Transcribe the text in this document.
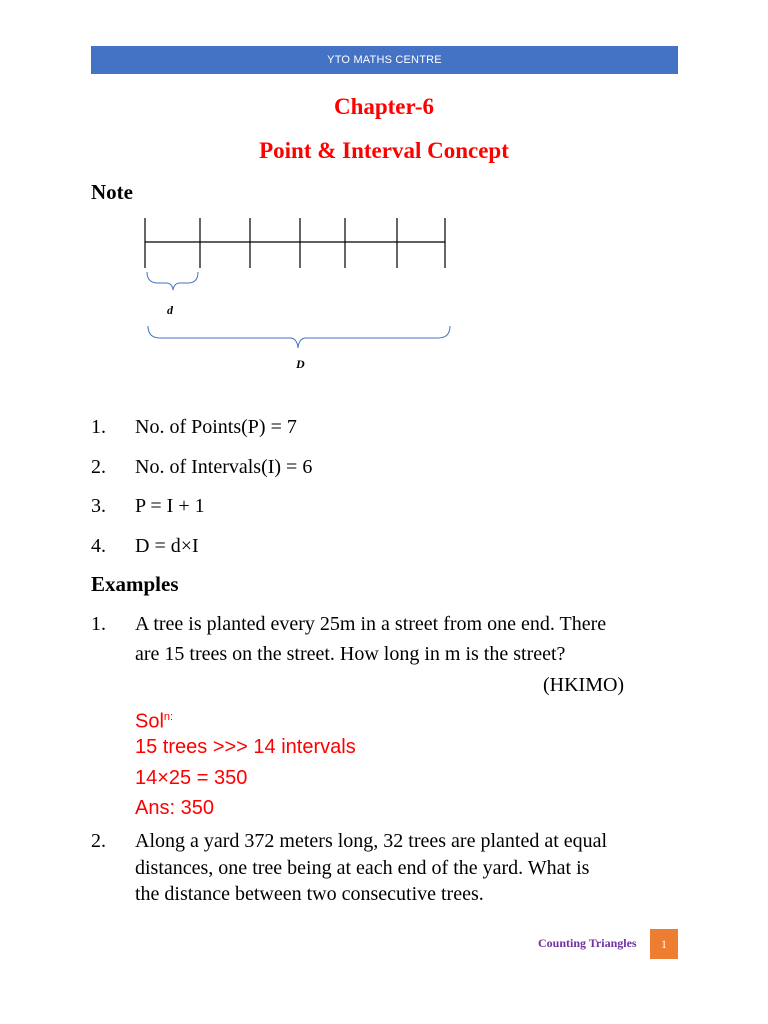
YTO MATHS CENTRE
Chapter-6
Point & Interval Concept
Note
d
D
1. No. of Points(P) = 7
2. No. of Intervals(I) = 6
3. P = I + 1
4. D = d×I
Examples
1. A tree is planted every 25m in a street from one end. There
are 15 trees on the street. How long in m is the street?
(HKIMO)
Sol$^{n:}$
15 trees >>> 14 intervals
14×25 = 350
Ans: 350
2. Along a yard 372 meters long, 32 trees are planted at equal
distances, one tree being at each end of the yard. What is
the distance between two consecutive trees.
Counting Triangles 1
